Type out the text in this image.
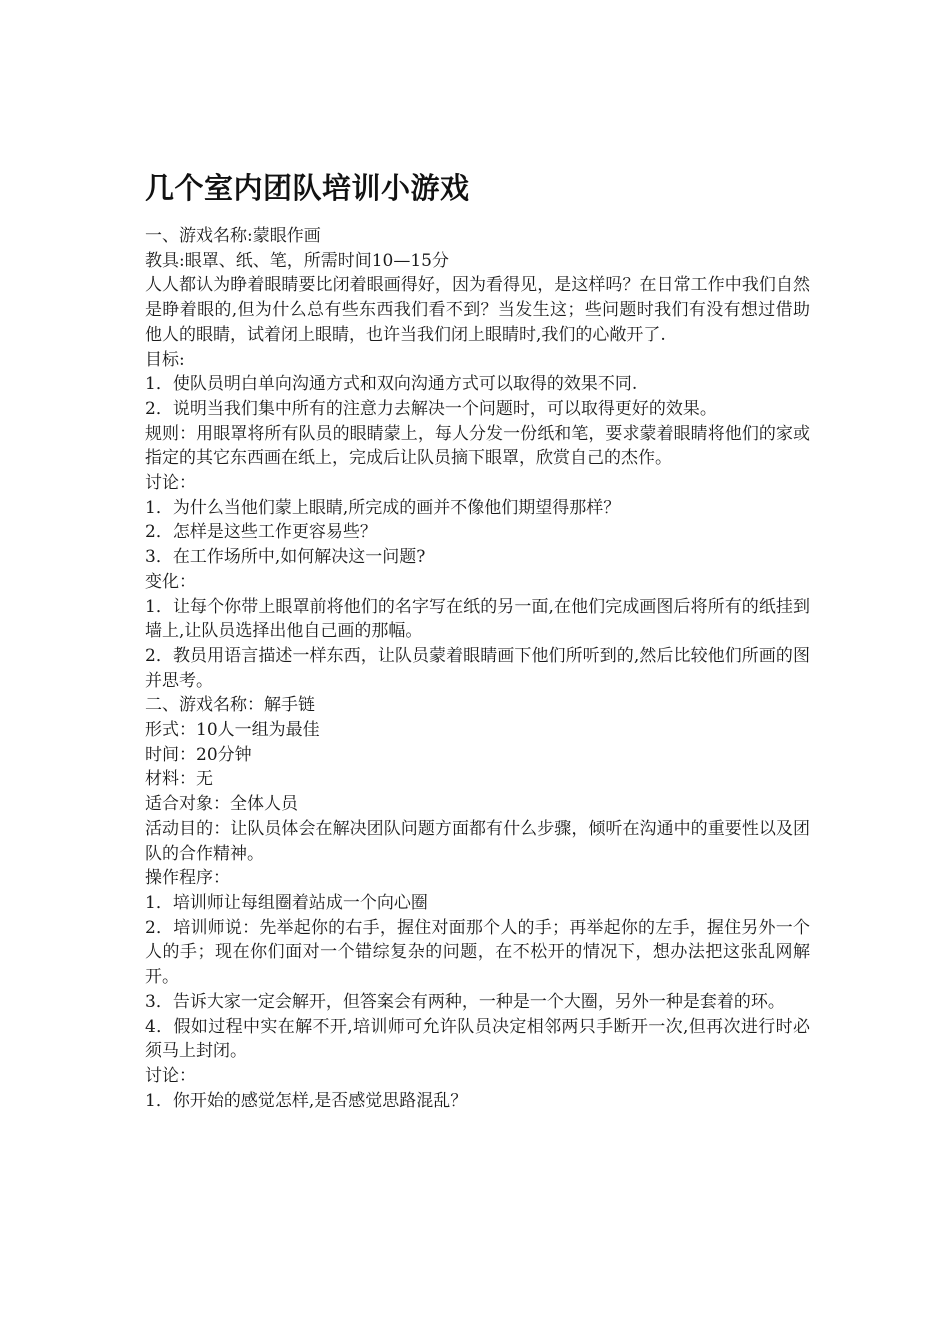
几个室内团队培训小游戏

一、游戏名称:蒙眼作画

教具:眼罩、纸、笔，所需时间10—15分

人人都认为睁着眼睛要比闭着眼画得好，因为看得见，是这样吗？在日常工作中我们自然是睁着眼的,但为什么总有些东西我们看不到？当发生这；些问题时我们有没有想过借助他人的眼睛，试着闭上眼睛，也许当我们闭上眼睛时,我们的心敞开了.

目标:

1．使队员明白单向沟通方式和双向沟通方式可以取得的效果不同.

2．说明当我们集中所有的注意力去解决一个问题时，可以取得更好的效果。

规则：用眼罩将所有队员的眼睛蒙上，每人分发一份纸和笔，要求蒙着眼睛将他们的家或指定的其它东西画在纸上，完成后让队员摘下眼罩，欣赏自己的杰作。

讨论：

1．为什么当他们蒙上眼睛,所完成的画并不像他们期望得那样？

2．怎样是这些工作更容易些？

3．在工作场所中,如何解决这一问题?

变化：

1．让每个你带上眼罩前将他们的名字写在纸的另一面,在他们完成画图后将所有的纸挂到墙上,让队员选择出他自己画的那幅。

2．教员用语言描述一样东西，让队员蒙着眼睛画下他们所听到的,然后比较他们所画的图并思考。

二、游戏名称：解手链

形式：10人一组为最佳

时间：20分钟

材料：无

适合对象：全体人员

活动目的：让队员体会在解决团队问题方面都有什么步骤，倾听在沟通中的重要性以及团队的合作精神。

操作程序：

1．培训师让每组圈着站成一个向心圈

2．培训师说：先举起你的右手，握住对面那个人的手；再举起你的左手，握住另外一个人的手；现在你们面对一个错综复杂的问题，在不松开的情况下，想办法把这张乱网解开。

3．告诉大家一定会解开，但答案会有两种，一种是一个大圈，另外一种是套着的环。

4．假如过程中实在解不开,培训师可允许队员决定相邻两只手断开一次,但再次进行时必须马上封闭。

讨论：

1．你开始的感觉怎样,是否感觉思路混乱？
